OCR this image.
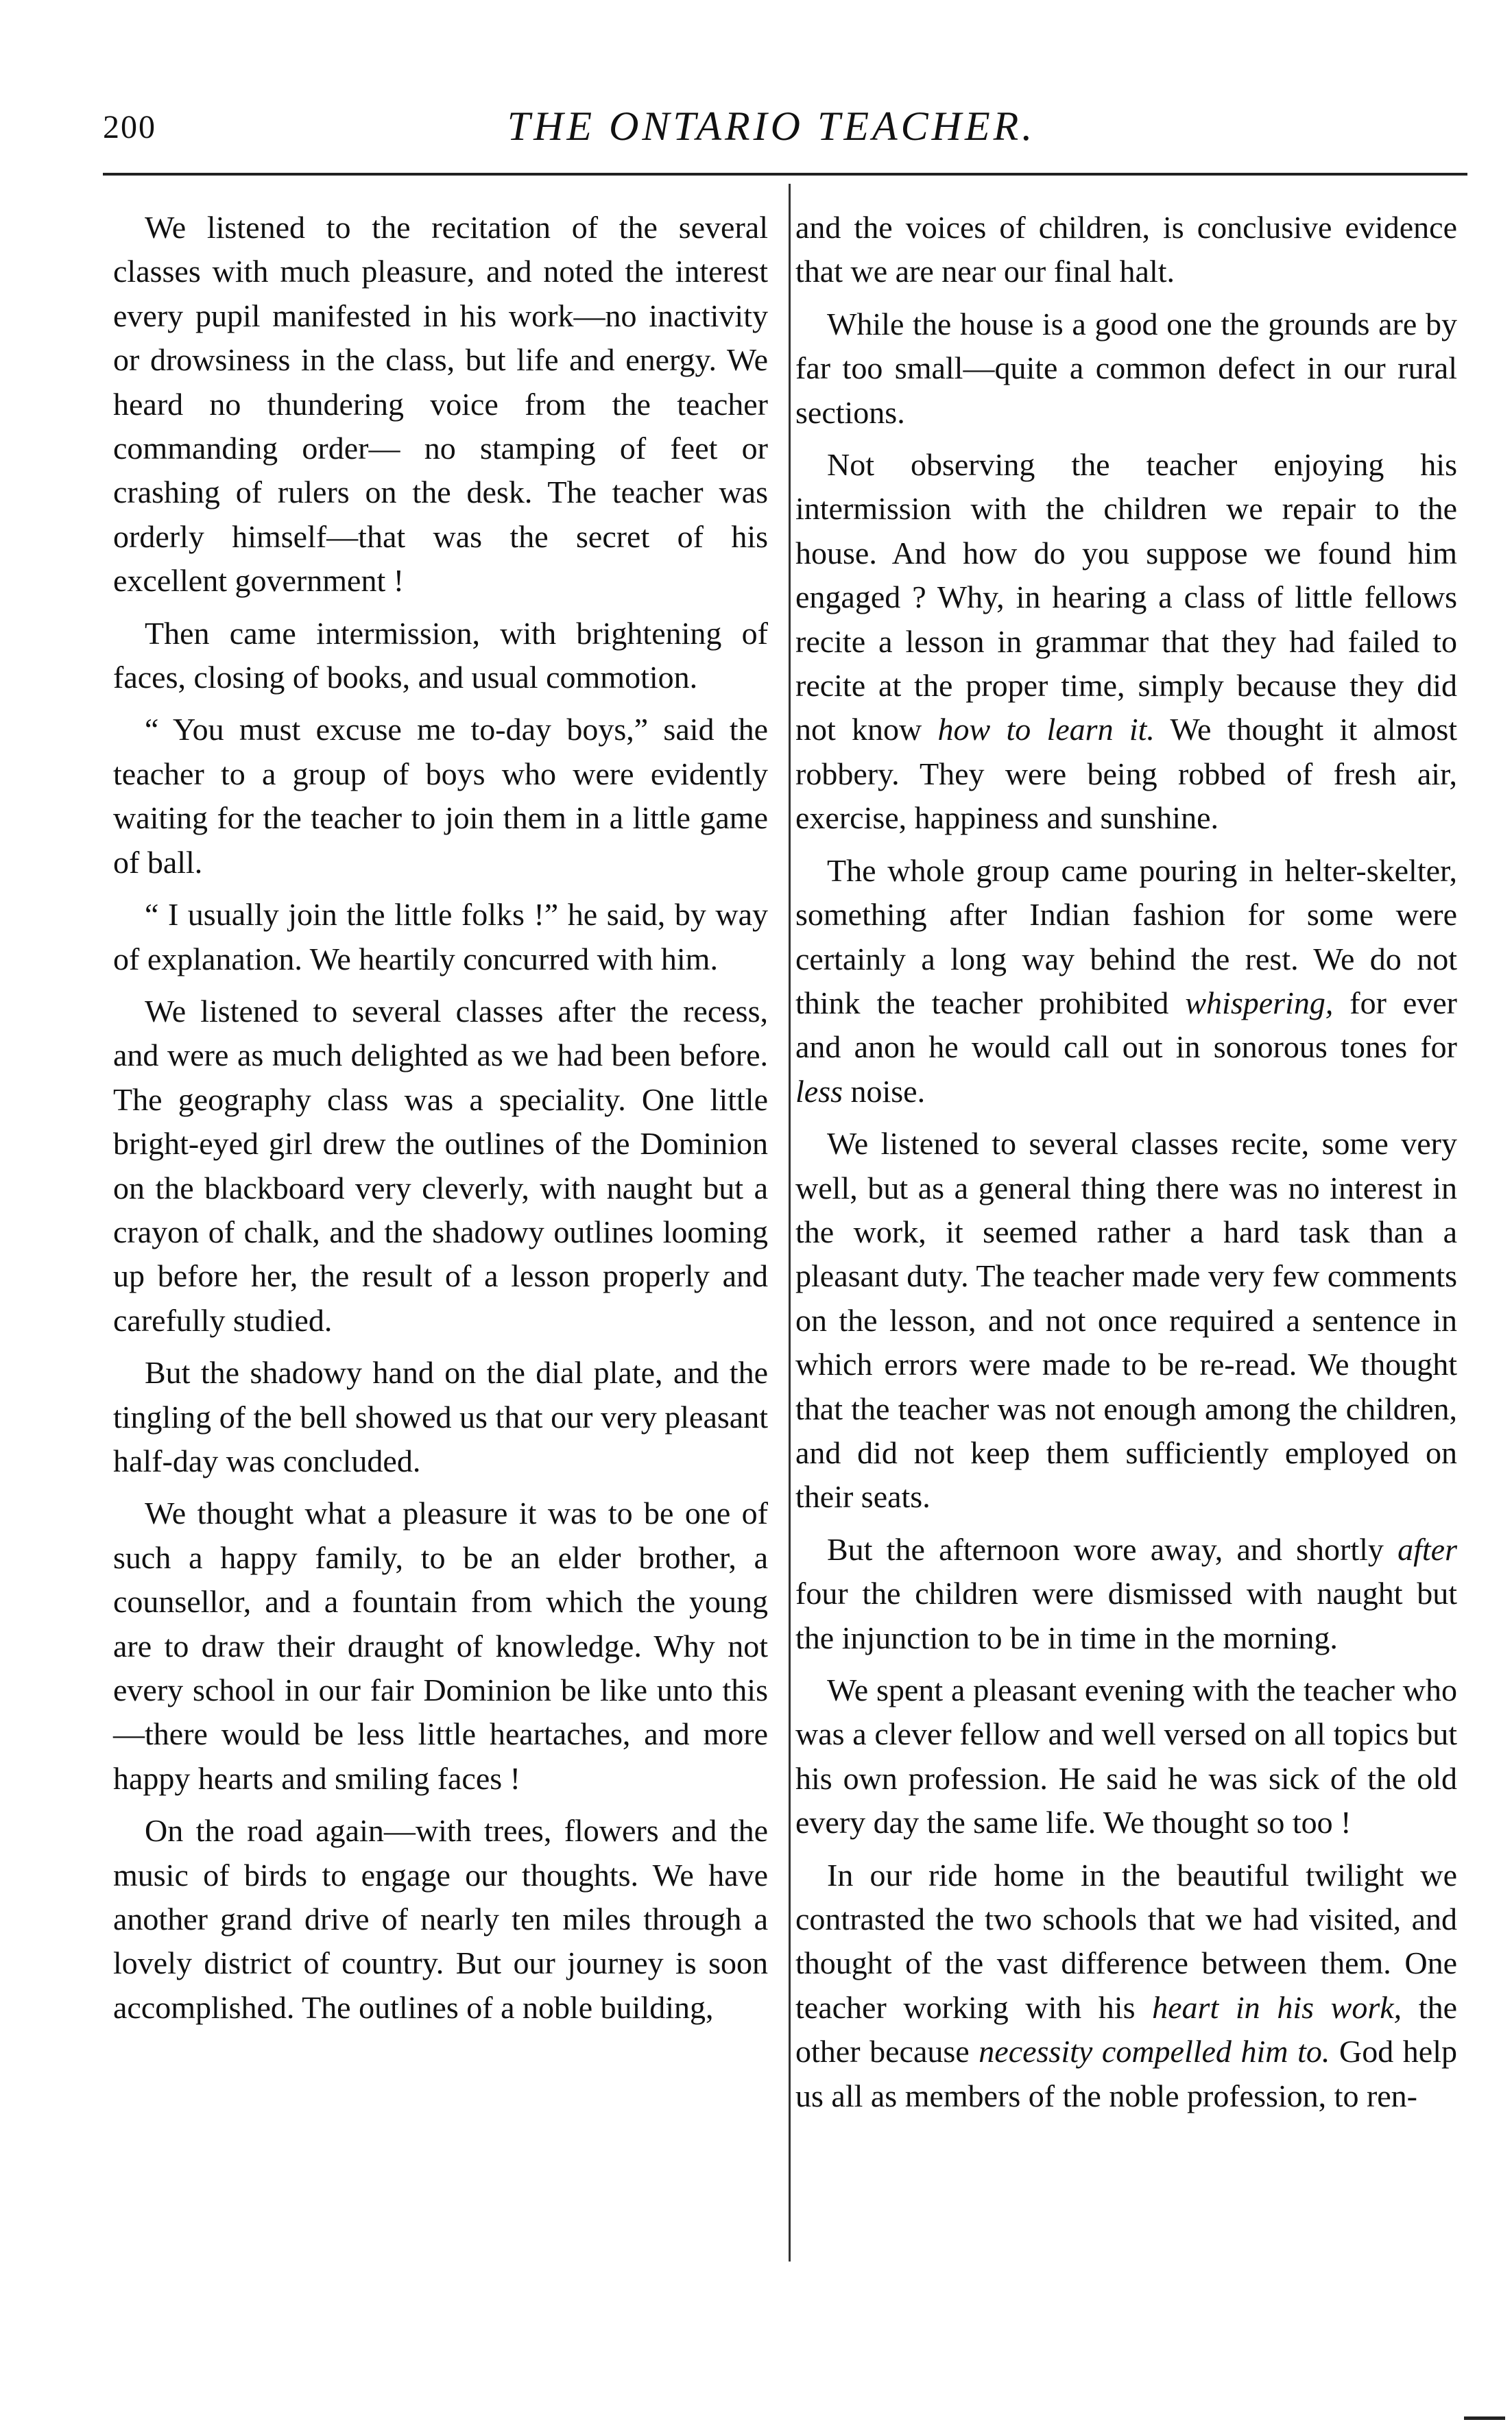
200	THE ONTARIO TEACHER.

We listened to the recitation of the several classes with much pleasure, and noted the interest every pupil manifested in his work—no inactivity or drowsiness in the class, but life and energy. We heard no thundering voice from the teacher commanding order— no stamping of feet or crashing of rulers on the desk. The teacher was orderly himself—that was the secret of his excellent government !

Then came intermission, with brightening of faces, closing of books, and usual commotion.

“ You must excuse me to-day boys,” said the teacher to a group of boys who were evidently waiting for the teacher to join them in a little game of ball.

“ I usually join the little folks !” he said, by way of explanation. We heartily concurred with him.

We listened to several classes after the recess, and were as much delighted as we had been before. The geography class was a speciality. One little bright-eyed girl drew the outlines of the Dominion on the blackboard very cleverly, with naught but a crayon of chalk, and the shadowy outlines looming up before her, the result of a lesson properly and carefully studied.

But the shadowy hand on the dial plate, and the tingling of the bell showed us that our very pleasant half-day was concluded.

We thought what a pleasure it was to be one of such a happy family, to be an elder brother, a counsellor, and a fountain from which the young are to draw their draught of knowledge. Why not every school in our fair Dominion be like unto this—there would be less little heartaches, and more happy hearts and smiling faces !

On the road again—with trees, flowers and the music of birds to engage our thoughts. We have another grand drive of nearly ten miles through a lovely district of country. But our journey is soon accomplished. The outlines of a noble building,

and the voices of children, is conclusive evidence that we are near our final halt.

While the house is a good one the grounds are by far too small—quite a common defect in our rural sections.

Not observing the teacher enjoying his intermission with the children we repair to the house. And how do you suppose we found him engaged ? Why, in hearing a class of little fellows recite a lesson in grammar that they had failed to recite at the proper time, simply because they did not know how to learn it. We thought it almost robbery. They were being robbed of fresh air, exercise, happiness and sunshine.

The whole group came pouring in helter-skelter, something after Indian fashion for some were certainly a long way behind the rest. We do not think the teacher prohibited whispering, for ever and anon he would call out in sonorous tones for less noise.

We listened to several classes recite, some very well, but as a general thing there was no interest in the work, it seemed rather a hard task than a pleasant duty. The teacher made very few comments on the lesson, and not once required a sentence in which errors were made to be re-read. We thought that the teacher was not enough among the children, and did not keep them sufficiently employed on their seats.

But the afternoon wore away, and shortly after four the children were dismissed with naught but the injunction to be in time in the morning.

We spent a pleasant evening with the teacher who was a clever fellow and well versed on all topics but his own profession. He said he was sick of the old every day the same life. We thought so too !

In our ride home in the beautiful twilight we contrasted the two schools that we had visited, and thought of the vast difference between them. One teacher working with his heart in his work, the other because necessity compelled him to. God help us all as members of the noble profession, to ren-
